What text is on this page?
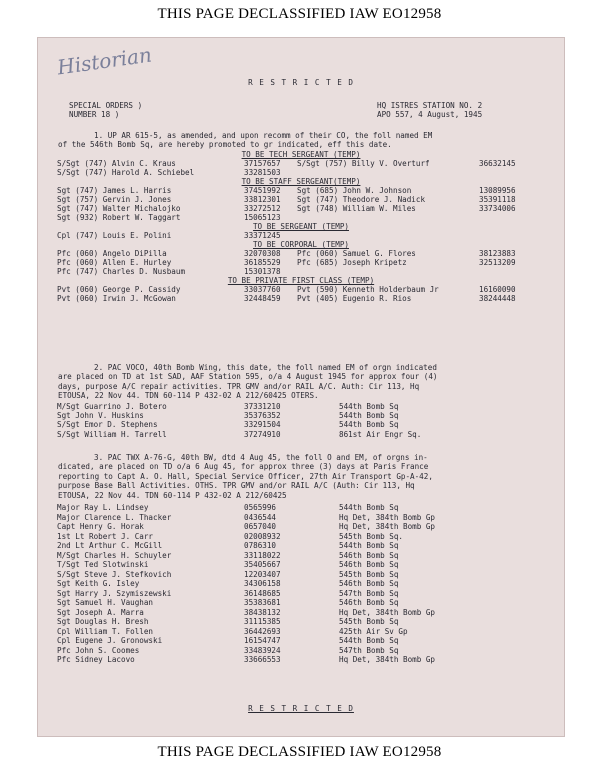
THIS PAGE DECLASSIFIED IAW EO12958
Historian
R E S T R I C T E D
SPECIAL ORDERS )
NUMBER 18 )
HQ ISTRES STATION NO. 2
APO 557, 4 August, 1945
1. UP AR 615-5, as amended, and upon recomm of their CO, the foll named EM
of the 546th Bomb Sq, are hereby promoted to gr indicated, eff this date.
TO BE TECH SERGEANT (TEMP)
S/Sgt (747) Alvin C. Kraus	37157657 S/Sgt (757) Billy V. Overturf	36632145
S/Sgt (747) Harold A. Schiebel	33281503
TO BE STAFF SERGEANT(TEMP)
Sgt (747) James L. Harris	37451992 Sgt (685) John W. Johnson	13089956
Sgt (757) Gervin J. Jones	33812301 Sgt (747) Theodore J. Nadick	35391118
Sgt (747) Walter Michalojko	33272512 Sgt (748) William W. Miles	33734006
Sgt (932) Robert W. Taggart	15065123
TO BE SERGEANT (TEMP)
Cpl (747) Louis E. Polini	33371245
TO BE CORPORAL (TEMP)
Pfc (060) Angelo DiPilla	32070308 Pfc (060) Samuel G. Flores	38123883
Pfc (060) Allen E. Hurley	36185529 Pfc (685) Joseph Kripetz	32513209
Pfc (747) Charles D. Nusbaum	15301378
TO BE PRIVATE FIRST CLASS (TEMP)
Pvt (060) George P. Cassidy	33037760 Pvt (590) Kenneth Holderbaum Jr	16160090
Pvt (060) Irwin J. McGowan	32448459 Pvt (405) Eugenio R. Rios	38244448
2. PAC VOCO, 40th Bomb Wing, this date, the foll named EM of orgn indicated
are placed on TD at 1st SAD, AAF Station 595, o/a 4 August 1945 for approx four (4)
days, purpose A/C repair activities. TPR GMV and/or RAIL A/C. Auth: Cir 113, Hq
ETOUSA, 22 Nov 44. TDN 60-114 P 432-02 A 212/60425 OTERS.
M/Sgt Guarrino J. Botero	37331210	544th Bomb Sq
Sgt John V. Huskins	35376352	544th Bomb Sq
S/Sgt Emor D. Stephens	33291504	544th Bomb Sq
S/Sgt William H. Tarrell	37274910	861st Air Engr Sq.
3. PAC TWX A-76-G, 40th BW, dtd 4 Aug 45, the foll O and EM, of orgns in-
dicated, are placed on TD o/a 6 Aug 45, for approx three (3) days at Paris France
reporting to Capt A. O. Hall, Special Service Officer, 27th Air Transport Gp-A-42,
purpose Base Ball Activities. OTHS. TPR GMV and/or RAIL A/C (Auth: Cir 113, Hq
ETOUSA, 22 Nov 44. TDN 60-114 P 432-02 A 212/60425
Major Ray L. Lindsey	0565996	544th Bomb Sq
Major Clarence L. Thacker	0436544	Hq Det, 384th Bomb Gp
Capt Henry G. Horak	0657040	Hq Det, 384th Bomb Gp
1st Lt Robert J. Carr	02008932	545th Bomb Sq.
2nd Lt Arthur C. McGill	0786310	544th Bomb Sq
M/Sgt Charles H. Schuyler	33118022	546th Bomb Sq
T/Sgt Ted Slotwinski	35405667	546th Bomb Sq
S/Sgt Steve J. Stefkovich	12203407	545th Bomb Sq
Sgt Keith G. Isley	34306158	546th Bomb Sq
Sgt Harry J. Szymiszewski	36148685	547th Bomb Sq
Sgt Samuel H. Vaughan	35383681	546th Bomb Sq
Sgt Joseph A. Marra	38438132	Hq Det, 384th Bomb Gp
Sgt Douglas H. Bresh	31115385	545th Bomb Sq
Cpl William T. Follen	36442693	425th Air Sv Gp
Cpl Eugene J. Gronowski	16154747	544th Bomb Sq
Pfc John S. Coomes	33483924	547th Bomb Sq
Pfc Sidney Lacovo	33666553	Hq Det, 384th Bomb Gp
R E S T R I C T E D
THIS PAGE DECLASSIFIED IAW EO12958
